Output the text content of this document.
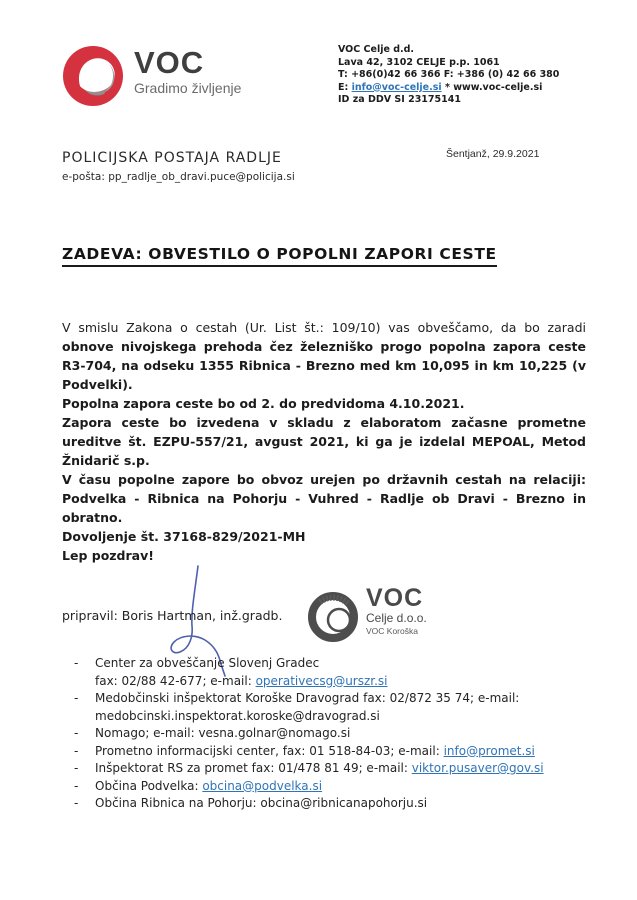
VOC
Gradimo življenje
VOC Celje d.d.
Lava 42, 3102 CELJE p.p. 1061
T: +86(0)42 66 366 F: +386 (0) 42 66 380
E: info@voc-celje.si * www.voc-celje.si
ID za DDV SI 23175141
Šentjanž, 29.9.2021
POLICIJSKA POSTAJA RADLJE
e-pošta: pp_radlje_ob_dravi.puce@policija.si
ZADEVA: OBVESTILO O POPOLNI ZAPORI CESTE

V smislu Zakona o cestah (Ur. List št.: 109/10) vas obveščamo, da bo zaradi obnove nivojskega prehoda čez železniško progo popolna zapora ceste R3-704, na odseku 1355 Ribnica - Brezno med km 10,095 in km 10,225 (v Podvelki).

Popolna zapora ceste bo od 2. do predvidoma 4.10.2021.

Zapora ceste bo izvedena v skladu z elaboratom začasne prometne ureditve št. EZPU-557/21, avgust 2021, ki ga je izdelal MEPOAL, Metod Žnidarič s.p.
V času popolne zapore bo obvoz urejen po državnih cestah na relaciji: Podvelka - Ribnica na Pohorju - Vuhred - Radlje ob Dravi - Brezno in obratno.

Dovoljenje št. 37168-829/2021-MH

Lep pozdrav!

pripravil: Boris Hartman, inž.gradb.
VOC
Celje d.o.o.
VOC Koroška
-	Center za obveščanje Slovenj Gradec
fax: 02/88 42-677; e-mail: operativecsg@urszr.si
-	Medobčinski inšpektorat Koroške Dravograd fax: 02/872 35 74; e-mail:
medobcinski.inspektorat.koroske@dravograd.si
-	Nomago; e-mail: vesna.golnar@nomago.si
-	Prometno informacijski center, fax: 01 518-84-03; e-mail: info@promet.si
-	Inšpektorat RS za promet fax: 01/478 81 49; e-mail: viktor.pusaver@gov.si
-	Občina Podvelka: obcina@podvelka.si
-	Občina Ribnica na Pohorju: obcina@ribnicanapohorju.si
